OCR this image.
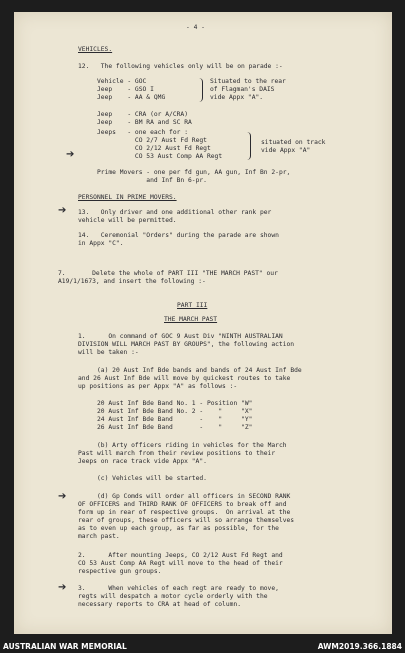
- 4 -
VEHICLES.
12.   The following vehicles only will be on parade :-
Vehicle - GOC
Jeep    - GSO I
Jeep    - AA & QMG
Situated to the rear
of Flagman's DAIS
vide Appx "A".
Jeep    - CRA (or A/CRA)
Jeep    - BM RA and SC RA
Jeeps   - one each for :
CO 2/7 Aust Fd Regt
CO 2/12 Aust Fd Regt
CO 53 Aust Comp AA Regt
➔
situated on track
vide Appx "A"
Prime Movers - one per fd gun, AA gun, Inf Bn 2-pr,
and Inf Bn 6-pr.
PERSONNEL IN PRIME MOVERS.
➔ 13.   Only driver and one additional other rank per
vehicle will be permitted.
14.   Ceremonial "Orders" during the parade are shown
in Appx "C".
7.       Delete the whole of PART III "THE MARCH PAST" our
A19/1/1673, and insert the following :-
PART III
THE MARCH PAST
1.      On command of GOC 9 Aust Div "NINTH AUSTRALIAN
DIVISION WILL MARCH PAST BY GROUPS", the following action
will be taken :-
(a) 20 Aust Inf Bde bands and bands of 24 Aust Inf Bde
and 26 Aust Inf Bde will move by quickest routes to take
up positions as per Appx "A" as follows :-
20 Aust Inf Bde Band No. 1 - Position "W"
20 Aust Inf Bde Band No. 2 -    "     "X"
24 Aust Inf Bde Band       -    "     "Y"
26 Aust Inf Bde Band       -    "     "Z"
(b) Arty officers riding in vehicles for the March
Past will march from their review positions to their
Jeeps on race track vide Appx "A".
(c) Vehicles will be started.
➔	(d) Gp Comds will order all officers in SECOND RANK
OF OFFICERS and THIRD RANK OF OFFICERS to break off and
form up in rear of respective groups.  On arrival at the
rear of groups, these officers will so arrange themselves
as to even up each group, as far as possible, for the
march past.
2.      After mounting Jeeps, CO 2/12 Aust Fd Regt and
CO 53 Aust Comp AA Regt will move to the head of their
respective gun groups.
➔ 3.      When vehicles of each regt are ready to move,
regts will despatch a motor cycle orderly with the
necessary reports to CRA at head of column.
AUSTRALIAN WAR MEMORIAL	AWM2019.366.1884
